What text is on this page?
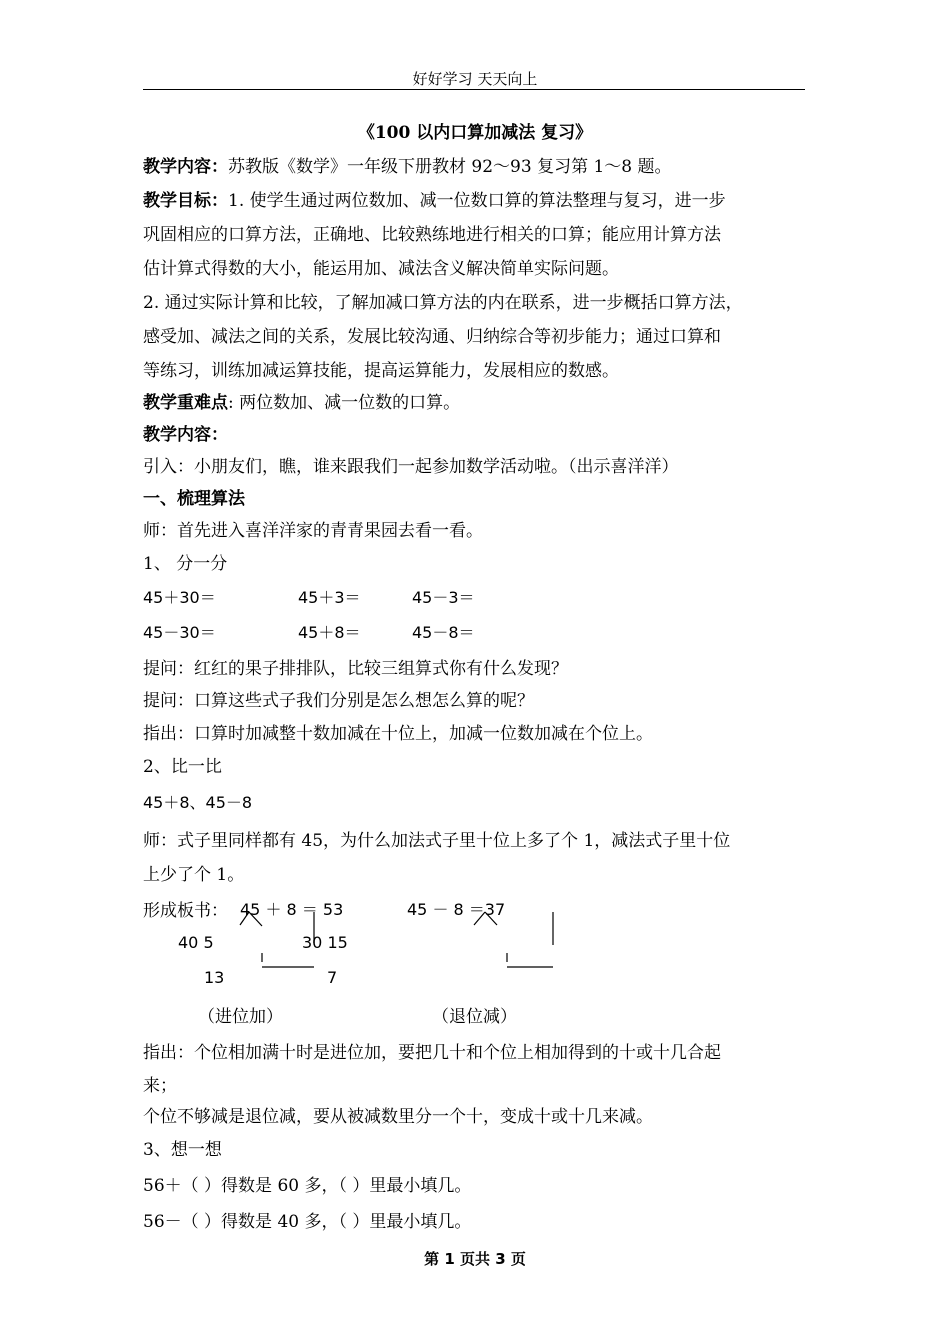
好好学习 天天向上
《100 以内口算加减法 复习》
教学内容：苏教版《数学》一年级下册教材 92～93 复习第 1～8 题。
教学目标：1. 使学生通过两位数加、减一位数口算的算法整理与复习，进一步
巩固相应的口算方法，正确地、比较熟练地进行相关的口算；能应用计算方法
估计算式得数的大小，能运用加、减法含义解决简单实际问题。
2. 通过实际计算和比较，了解加减口算方法的内在联系，进一步概括口算方法，
感受加、减法之间的关系，发展比较沟通、归纳综合等初步能力；通过口算和
等练习，训练加减运算技能，提高运算能力，发展相应的数感。
教学重难点: 两位数加、减一位数的口算。
教学内容：
引入：小朋友们，瞧，谁来跟我们一起参加数学活动啦。（出示喜洋洋）
一、梳理算法
师：首先进入喜洋洋家的青青果园去看一看。
1、 分一分
45＋30＝	45＋3＝	45－3＝
45－30＝	45＋8＝	45－8＝
提问：红红的果子排排队，比较三组算式你有什么发现？
提问：口算这些式子我们分别是怎么想怎么算的呢？
指出：口算时加减整十数加减在十位上，加减一位数加减在个位上。
2、比一比
45＋8、45－8
师：式子里同样都有 45，为什么加法式子里十位上多了个 1，减法式子里十位
上少了个 1。
形成板书： 45 ＋ 8 ＝ 53	45 － 8 ＝37
40 5	30 15
13	7
（进位加）	（退位减）
指出：个位相加满十时是进位加，要把几十和个位上相加得到的十或十几合起
来；
个位不够减是退位减，要从被减数里分一个十，变成十或十几来减。
3、想一想
56＋（ ）得数是 60 多，（ ）里最小填几。
56－（ ）得数是 40 多，（ ）里最小填几。
第 1 页共 3 页
